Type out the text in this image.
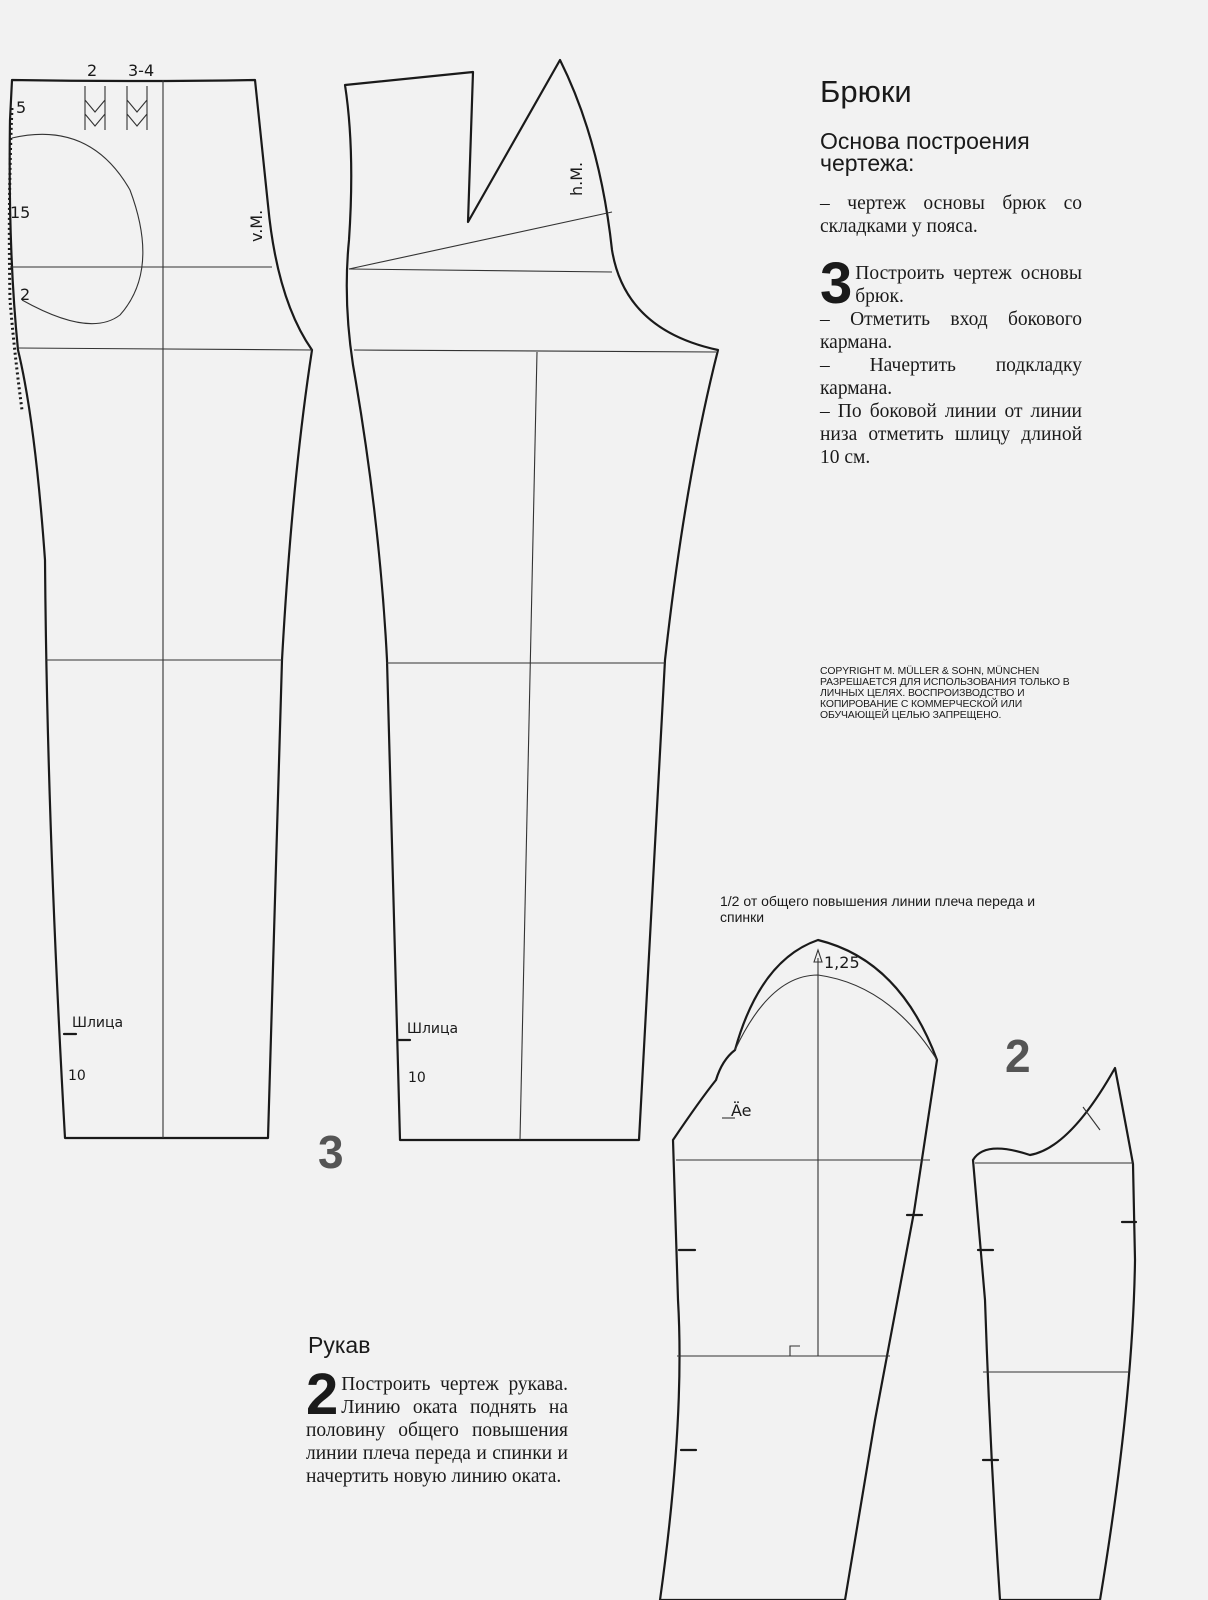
2 3-4
5
15
2
v.M.
Шлица
10
h.M.
Шлица
10
3
1,25
Äe
2
Брюки
Основа построения чертежа:
– чертеж основы брюк со складками у пояса.
3 Построить чертеж основы брюк.
– Отметить вход бокового кармана.
– Начертить подкладку кармана.
– По боковой линии от линии низа отметить шлицу длиной 10 см.
COPYRIGHT M. MÜLLER & SOHN, MÜNCHEN РАЗРЕШАЕТСЯ ДЛЯ ИСПОЛЬЗОВАНИЯ ТОЛЬКО В ЛИЧНЫХ ЦЕЛЯХ. ВОСПРОИЗВОДСТВО И КОПИРОВАНИЕ С КОММЕРЧЕСКОЙ ИЛИ ОБУЧАЮЩЕЙ ЦЕЛЬЮ ЗАПРЕЩЕНО.
1/2 от общего повышения линии плеча переда и спинки
Рукав
2 Построить чертеж рукава. Линию оката поднять на половину общего повышения линии плеча переда и спинки и начертить новую линию оката.
